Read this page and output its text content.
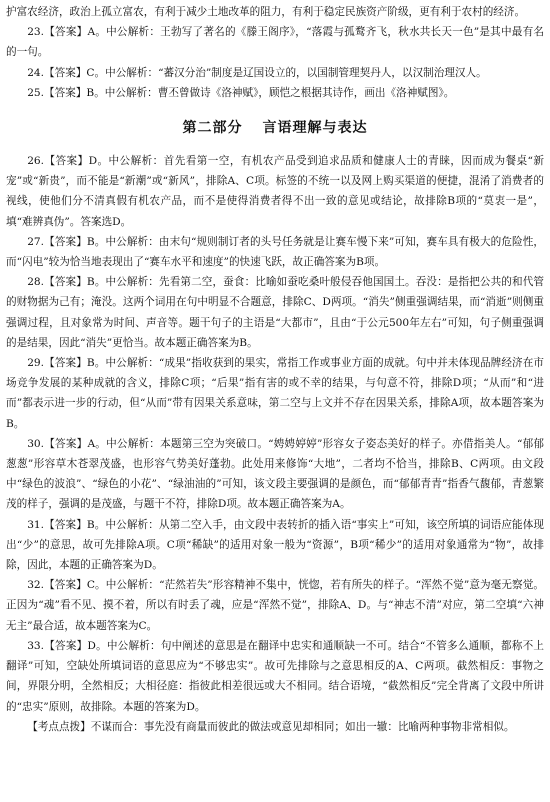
护富农经济，政治上孤立富农，有利于减少土地改革的阻力，有利于稳定民族资产阶级，更有利于农村的经济。

23.【答案】A。中公解析：王勃写了著名的《滕王阁序》，“落霞与孤鹜齐飞，秋水共长天一色”是其中最有名的一句。

24.【答案】C。中公解析：“蕃汉分治”制度是辽国设立的，以国制管理契丹人，以汉制治理汉人。

25.【答案】B。中公解析：曹丕曾做诗《洛神赋》，顾恺之根据其诗作，画出《洛神赋图》。

第二部分 言语理解与表达

26.【答案】D。中公解析：首先看第一空，有机农产品受到追求品质和健康人士的青睐，因而成为餐桌“新宠”或“新贵”，而不能是“新潮”或“新风”，排除A、C项。标签的不统一以及网上购买渠道的便捷，混淆了消费者的视线，使他们分不清真假有机农产品，而不是使得消费者得不出一致的意见或结论，故排除B项的“莫衷一是”，填“难辨真伪”。答案选D。

27.【答案】B。中公解析：由末句“规则制订者的头号任务就是让赛车慢下来”可知，赛车具有极大的危险性，而“闪电”较为恰当地表现出了“赛车水平和速度”的快速飞跃，故正确答案为B项。

28.【答案】B。中公解析：先看第二空，蚕食：比喻如蚕吃桑叶般侵吞他国国土。吞没：是指把公共的和代管的财物据为己有；淹没。这两个词用在句中明显不合题意，排除C、D两项。“消失”侧重强调结果，而“消逝”则侧重强调过程，且对象常为时间、声音等。题干句子的主语是“大都市”，且由“于公元500年左右”可知，句子侧重强调的是结果，因此“消失”更恰当。故本题正确答案为B。

29.【答案】B。中公解析：“成果”指收获到的果实，常指工作或事业方面的成就。句中并未体现品牌经济在市场竞争发展的某种成就的含义，排除C项；“后果”指有害的或不幸的结果，与句意不符，排除D项；“从而”和“进而”都表示进一步的行动，但“从而”带有因果关系意味，第二空与上文并不存在因果关系，排除A项，故本题答案为B。

30.【答案】A。中公解析：本题第三空为突破口。“娉娉婷婷”形容女子姿态美好的样子。亦借指美人。“郁郁葱葱”形容草木苍翠茂盛，也形容气势美好蓬勃。此处用来修饰“大地”，二者均不恰当，排除B、C两项。由文段中“绿色的波浪”、“绿色的小花”、“绿油油的”可知，该文段主要强调的是颜色，而“郁郁青青”指香气馥郁，青葱繁茂的样子，强调的是茂盛，与题干不符，排除D项。故本题正确答案为A。

31.【答案】B。中公解析：从第二空入手，由文段中表转折的插入语“事实上”可知，该空所填的词语应能体现出“少”的意思，故可先排除A项。C项“稀缺”的适用对象一般为“资源”，B项“稀少”的适用对象通常为“物”，故排除，因此，本题的正确答案为D。

32.【答案】C。中公解析：“茫然若失”形容精神不集中，恍惚，若有所失的样子。“浑然不觉”意为毫无察觉。正因为“魂”看不见、摸不着，所以有时丢了魂，应是“浑然不觉”，排除A、D。与“神志不清”对应，第二空填“六神无主”最合适，故本题答案为C。

33.【答案】D。中公解析：句中阐述的意思是在翻译中忠实和通顺缺一不可。结合“不管多么通顺，都称不上翻译”可知，空缺处所填词语的意思应为“不够忠实”。故可先排除与之意思相反的A、C两项。截然相反：事物之间，界限分明，全然相反；大相径庭：指彼此相差很远或大不相同。结合语境，“截然相反”完全背离了文段中所讲的“忠实”原则，故排除。本题的答案为D。

【考点点拨】不谋而合：事先没有商量而彼此的做法或意见却相同；如出一辙：比喻两种事物非常相似。
